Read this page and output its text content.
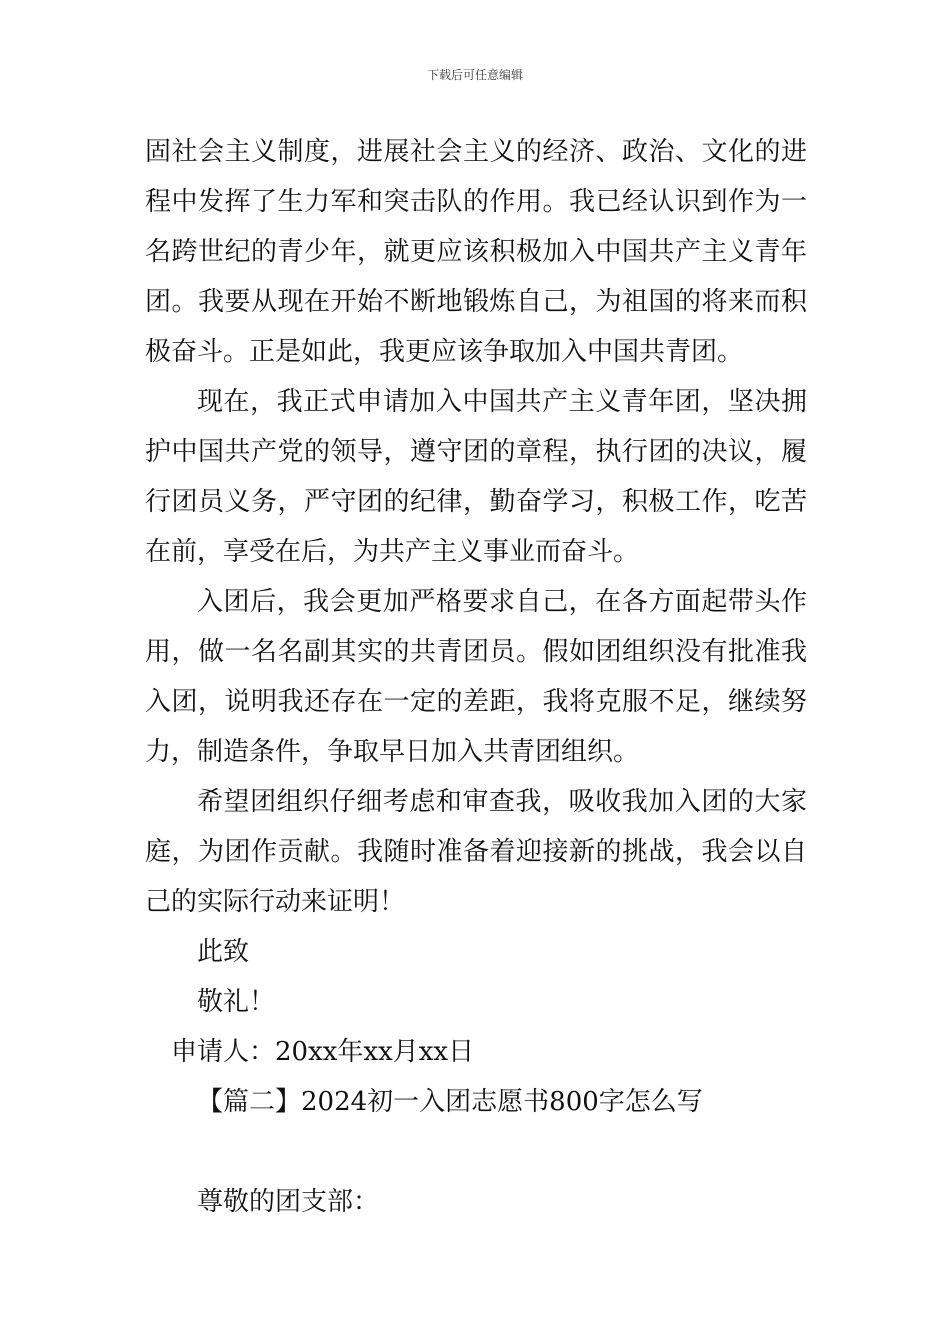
下载后可任意编辑

固社会主义制度，进展社会主义的经济、政治、文化的进程中发挥了生力军和突击队的作用。我已经认识到作为一名跨世纪的青少年，就更应该积极加入中国共产主义青年团。我要从现在开始不断地锻炼自己，为祖国的将来而积极奋斗。正是如此，我更应该争取加入中国共青团。

现在，我正式申请加入中国共产主义青年团，坚决拥护中国共产党的领导，遵守团的章程，执行团的决议，履行团员义务，严守团的纪律，勤奋学习，积极工作，吃苦在前，享受在后，为共产主义事业而奋斗。

入团后，我会更加严格要求自己，在各方面起带头作用，做一名名副其实的共青团员。假如团组织没有批准我入团，说明我还存在一定的差距，我将克服不足，继续努力，制造条件，争取早日加入共青团组织。

希望团组织仔细考虑和审查我，吸收我加入团的大家庭，为团作贡献。我随时准备着迎接新的挑战，我会以自己的实际行动来证明！

此致

敬礼！

申请人：20xx年xx月xx日

【篇二】2024初一入团志愿书800字怎么写

尊敬的团支部：
